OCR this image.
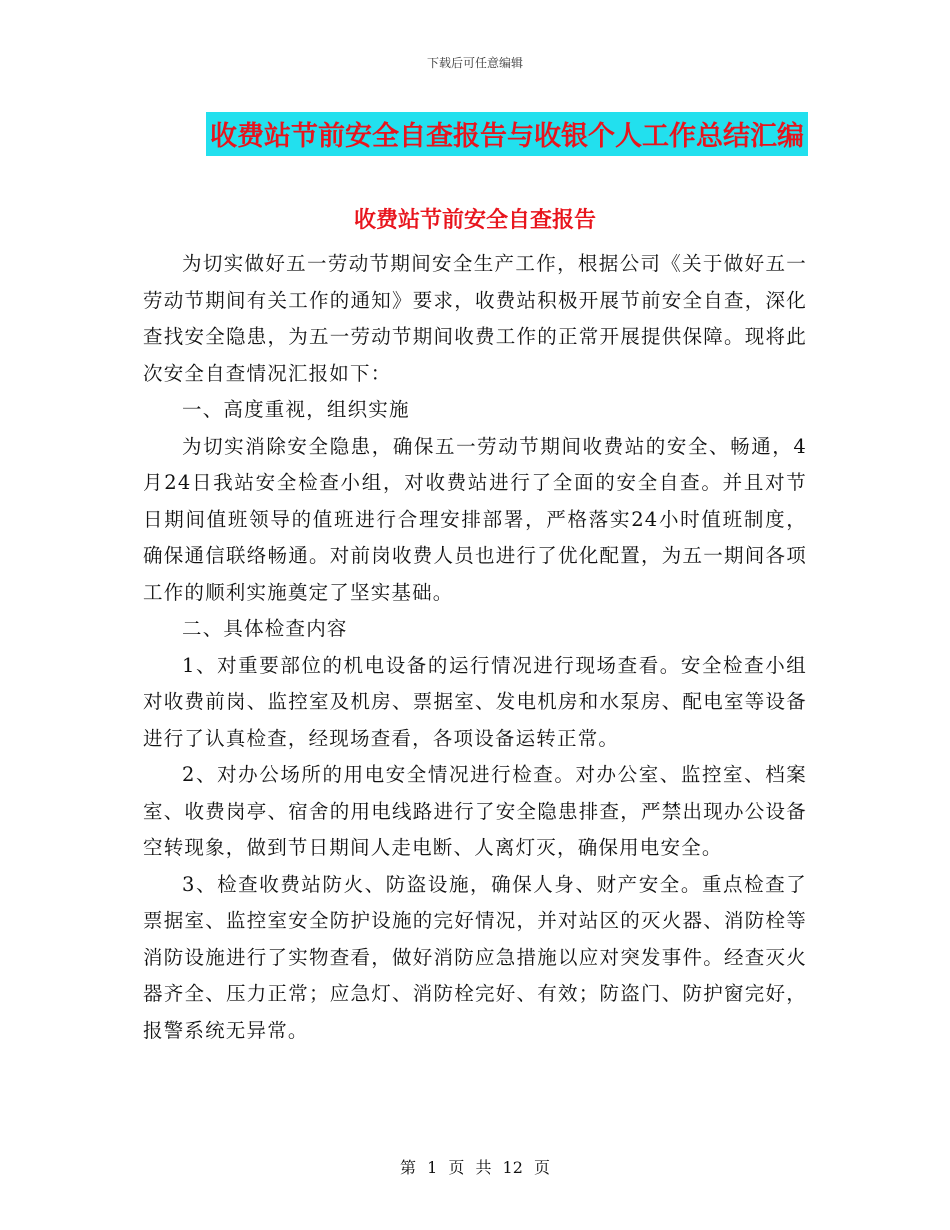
下载后可任意编辑
收费站节前安全自查报告与收银个人工作总结汇编
收费站节前安全自查报告

为切实做好五一劳动节期间安全生产工作，根据公司《关于做好五一劳动节期间有关工作的通知》要求，收费站积极开展节前安全自查，深化查找安全隐患，为五一劳动节期间收费工作的正常开展提供保障。现将此次安全自查情况汇报如下：

一、高度重视，组织实施

为切实消除安全隐患，确保五一劳动节期间收费站的安全、畅通，4月24日我站安全检查小组，对收费站进行了全面的安全自查。并且对节日期间值班领导的值班进行合理安排部署，严格落实24小时值班制度，确保通信联络畅通。对前岗收费人员也进行了优化配置，为五一期间各项工作的顺利实施奠定了坚实基础。

二、具体检查内容

1、对重要部位的机电设备的运行情况进行现场查看。安全检查小组对收费前岗、监控室及机房、票据室、发电机房和水泵房、配电室等设备进行了认真检查，经现场查看，各项设备运转正常。

2、对办公场所的用电安全情况进行检查。对办公室、监控室、档案室、收费岗亭、宿舍的用电线路进行了安全隐患排查，严禁出现办公设备空转现象，做到节日期间人走电断、人离灯灭，确保用电安全。

3、检查收费站防火、防盗设施，确保人身、财产安全。重点检查了票据室、监控室安全防护设施的完好情况，并对站区的灭火器、消防栓等消防设施进行了实物查看，做好消防应急措施以应对突发事件。经查灭火器齐全、压力正常；应急灯、消防栓完好、有效；防盗门、防护窗完好，报警系统无异常。

第 1 页 共 12 页
